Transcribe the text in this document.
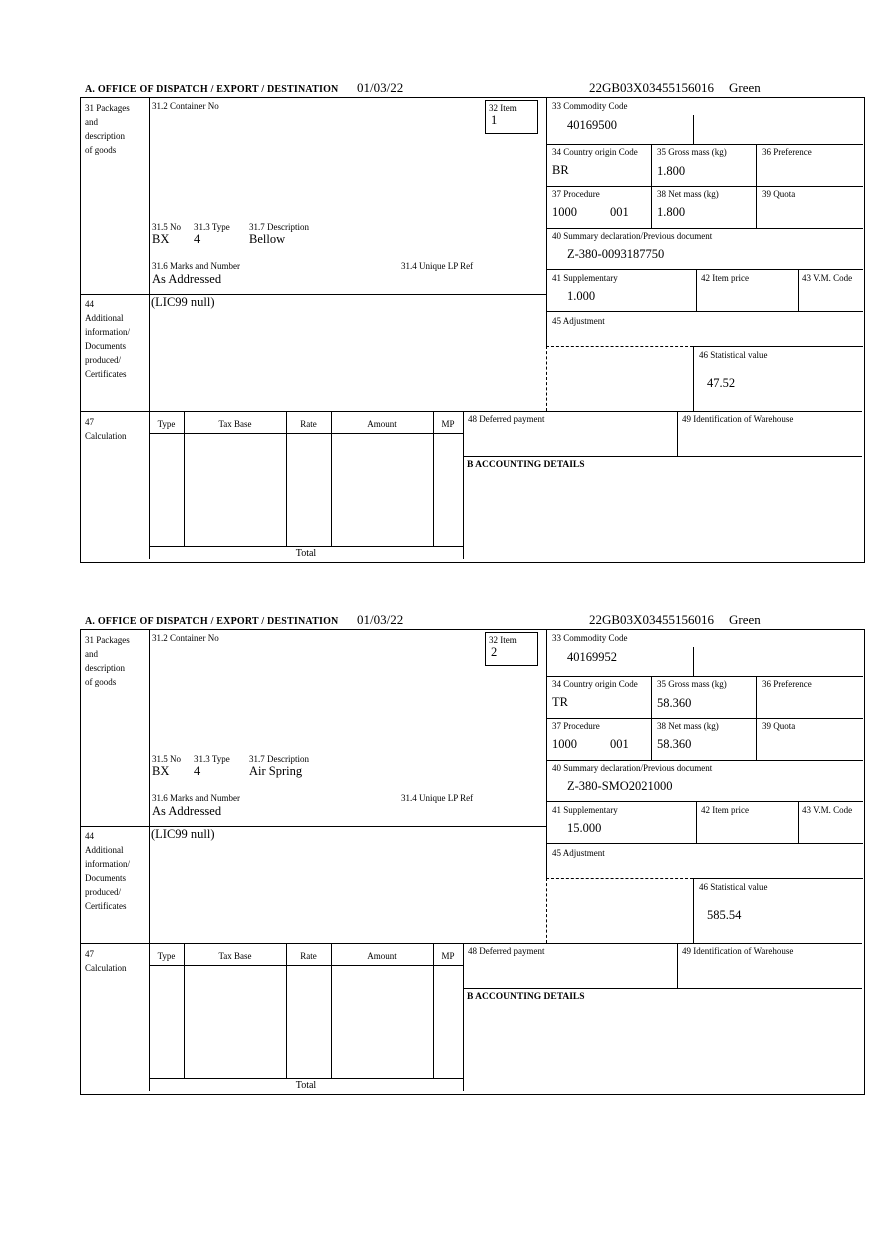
A. OFFICE OF DISPATCH / EXPORT / DESTINATION 01/03/22	22GB03X03455156016 Green
31 Packages
and
description
of goods
44
Additional
information/
Documents
produced/
Certificates
47
Calculation
31.2 Container No	32 Item
1
31.5 No 31.3 Type 31.7 Description
BX 4	Bellow
31.6 Marks and Number	31.4 Unique LP Ref
As Addressed
(LIC99 null)
33 Commodity Code
40169500
34 Country origin Code
BR
35 Gross mass (kg)
1.800
36 Preference
37 Procedure
1000	001
38 Net mass (kg)
1.800
39 Quota
40 Summary declaration/Previous document
Z-380-0093187750
41 Supplementary
1.000
42 Item price	43 V.M. Code
45 Adjustment
46 Statistical value
47.52
Type	Tax Base	Rate	Amount	MP
Total
48 Deferred payment	49 Identification of Warehouse
B ACCOUNTING DETAILS
A. OFFICE OF DISPATCH / EXPORT / DESTINATION 01/03/22	22GB03X03455156016 Green
31 Packages
and
description
of goods
44
Additional
information/
Documents
produced/
Certificates
47
Calculation
31.2 Container No	32 Item
2
31.5 No 31.3 Type 31.7 Description
BX 4	Air Spring
31.6 Marks and Number	31.4 Unique LP Ref
As Addressed
(LIC99 null)
33 Commodity Code
40169952
34 Country origin Code
TR
35 Gross mass (kg)
58.360
36 Preference
37 Procedure
1000	001
38 Net mass (kg)
58.360
39 Quota
40 Summary declaration/Previous document
Z-380-SMO2021000
41 Supplementary
15.000
42 Item price	43 V.M. Code
45 Adjustment
46 Statistical value
585.54
Type	Tax Base	Rate	Amount	MP
Total
48 Deferred payment	49 Identification of Warehouse
B ACCOUNTING DETAILS
